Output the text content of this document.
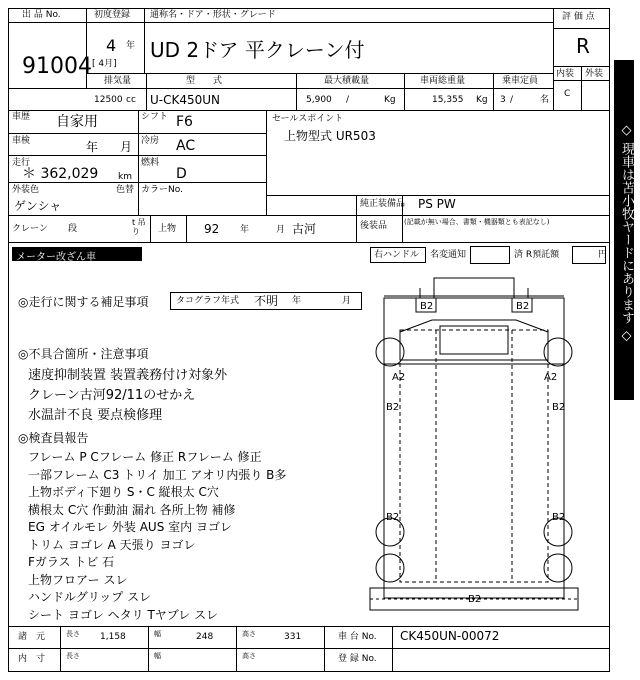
出 品 No.
91004
初度登録
4 年
[ 4月]
通称名・ドア・形状・グレード
UD 2ドア 平クレーン付
評 価 点
R
内装 外装
C
排気量
12500 cc
型　　式
U-CK450UN
最大積載量
5,900 /	Kg
車両総重量
15,355 Kg
乗車定員
3 /	名
車歴 自家用	シフト F6
車検	年 月 冷房 AC
走行
＊ 362,029 km
燃料
D
外装色
ゲンシャ
色替 カラーNo.
セールスポイント
上物型式 UR503
純正装備品 PS PW
後装品 (記載が無い場合、書類・機器類とも表記なし)
クレーン 段
t 吊り	上物 92 年	月 古河
メーター改ざん車	右ハンドル 名変通知	済 R預託額	円
◎走行に関する補足事項	タコグラフ年式 不明 年	月
◎不具合箇所・注意事項
速度抑制装置 装置義務付け対象外
クレーン古河92/11のせかえ
水温計不良 要点検修理
◎検査員報告
フレーム P Cフレーム 修正 Rフレーム 修正
一部フレーム C3 トリイ 加工 アオリ内張り B多
上物ボディ下廻り S・C 縦根太 C穴
横根太 C穴 作動油 漏れ 各所上物 補修
EG オイルモレ 外装 AUS 室内 ヨゴレ
トリム ヨゴレ A 天張り ヨゴレ
Fガラス トビ 石
上物フロアー スレ
ハンドルグリップ スレ
シート ヨゴレ ヘタリ Tヤブレ スレ
B2	B2
A2	A2
B2	B2
B2	B2
B2
諸　元	長さ 1,158	幅	248	高さ	331	車 台 No. CK450UN-00072
内　寸	長さ	幅	高さ	登 録 No.
◇ 現車は苫小牧ヤードにあります ◇
